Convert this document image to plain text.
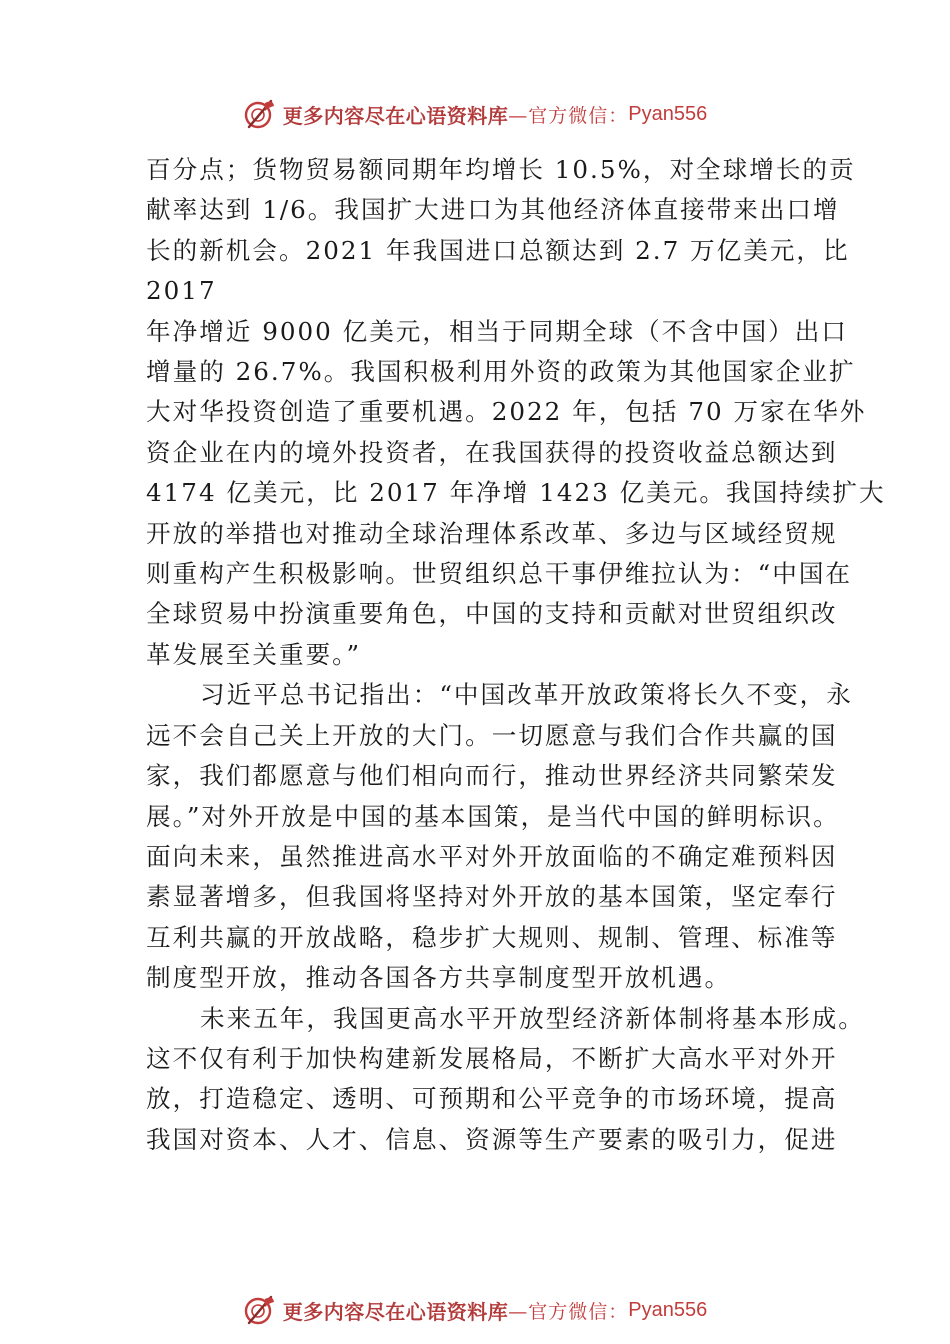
更多内容尽在心语资料库 —官方微信： Pyan556

百分点；货物贸易额同期年均增长 10.5%，对全球增长的贡
献率达到 1/6。我国扩大进口为其他经济体直接带来出口增
长的新机会。2021 年我国进口总额达到 2.7 万亿美元，比
2017
年净增近 9000 亿美元，相当于同期全球（不含中国）出口
增量的 26.7%。我国积极利用外资的政策为其他国家企业扩
大对华投资创造了重要机遇。2022 年，包括 70 万家在华外
资企业在内的境外投资者，在我国获得的投资收益总额达到
4174 亿美元，比 2017 年净增 1423 亿美元。我国持续扩大
开放的举措也对推动全球治理体系改革、多边与区域经贸规
则重构产生积极影响。世贸组织总干事伊维拉认为：“中国在
全球贸易中扮演重要角色，中国的支持和贡献对世贸组织改
革发展至关重要。”

习近平总书记指出：“中国改革开放政策将长久不变，永
远不会自己关上开放的大门。一切愿意与我们合作共赢的国
家，我们都愿意与他们相向而行，推动世界经济共同繁荣发
展。”对外开放是中国的基本国策，是当代中国的鲜明标识。
面向未来，虽然推进高水平对外开放面临的不确定难预料因
素显著增多，但我国将坚持对外开放的基本国策，坚定奉行
互利共赢的开放战略，稳步扩大规则、规制、管理、标准等
制度型开放，推动各国各方共享制度型开放机遇。

未来五年，我国更高水平开放型经济新体制将基本形成。
这不仅有利于加快构建新发展格局，不断扩大高水平对外开
放，打造稳定、透明、可预期和公平竞争的市场环境，提高
我国对资本、人才、信息、资源等生产要素的吸引力，促进

更多内容尽在心语资料库 —官方微信： Pyan556
